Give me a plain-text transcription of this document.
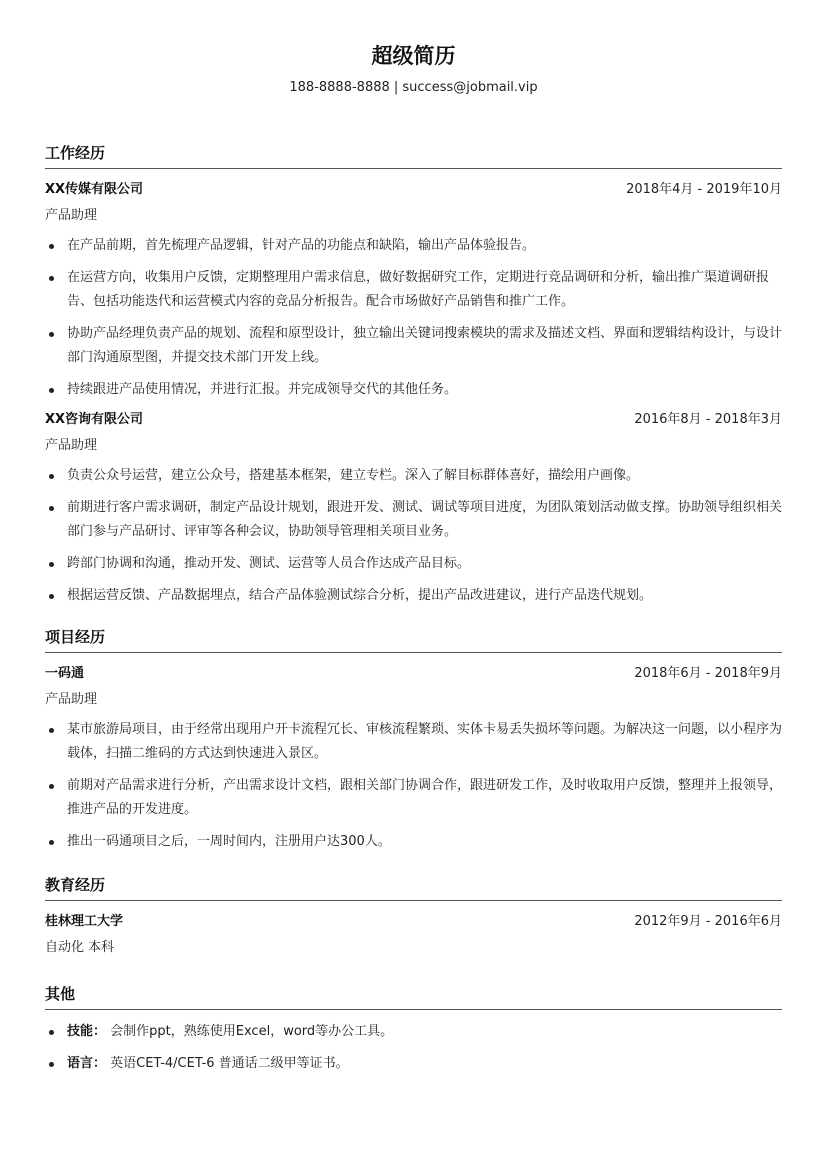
超级简历
188-8888-8888 | success@jobmail.vip
工作经历
XX传媒有限公司	2018年4月 - 2019年10月
产品助理
在产品前期，首先梳理产品逻辑，针对产品的功能点和缺陷，输出产品体验报告。
在运营方向，收集用户反馈，定期整理用户需求信息，做好数据研究工作，定期进行竞品调研和分析，输出推广渠道调研报告、包括功能迭代和运营模式内容的竞品分析报告。配合市场做好产品销售和推广工作。
协助产品经理负责产品的规划、流程和原型设计，独立输出关键词搜索模块的需求及描述文档、界面和逻辑结构设计，与设计部门沟通原型图，并提交技术部门开发上线。
持续跟进产品使用情况，并进行汇报。并完成领导交代的其他任务。
XX咨询有限公司	2016年8月 - 2018年3月
产品助理
负责公众号运营，建立公众号，搭建基本框架，建立专栏。深入了解目标群体喜好，描绘用户画像。
前期进行客户需求调研，制定产品设计规划，跟进开发、测试、调试等项目进度，为团队策划活动做支撑。协助领导组织相关部门参与产品研讨、评审等各种会议，协助领导管理相关项目业务。
跨部门协调和沟通，推动开发、测试、运营等人员合作达成产品目标。
根据运营反馈、产品数据埋点，结合产品体验测试综合分析，提出产品改进建议，进行产品迭代规划。
项目经历
一码通	2018年6月 - 2018年9月
产品助理
某市旅游局项目，由于经常出现用户开卡流程冗长、审核流程繁琐、实体卡易丢失损坏等问题。为解决这一问题，以小程序为载体，扫描二维码的方式达到快速进入景区。
前期对产品需求进行分析，产出需求设计文档，跟相关部门协调合作，跟进研发工作，及时收取用户反馈，整理并上报领导，推进产品的开发进度。
推出一码通项目之后，一周时间内，注册用户达300人。
教育经历
桂林理工大学	2012年9月 - 2016年6月
自动化 本科
其他
技能： 会制作ppt，熟练使用Excel，word等办公工具。
语言： 英语CET-4/CET-6 普通话二级甲等证书。
